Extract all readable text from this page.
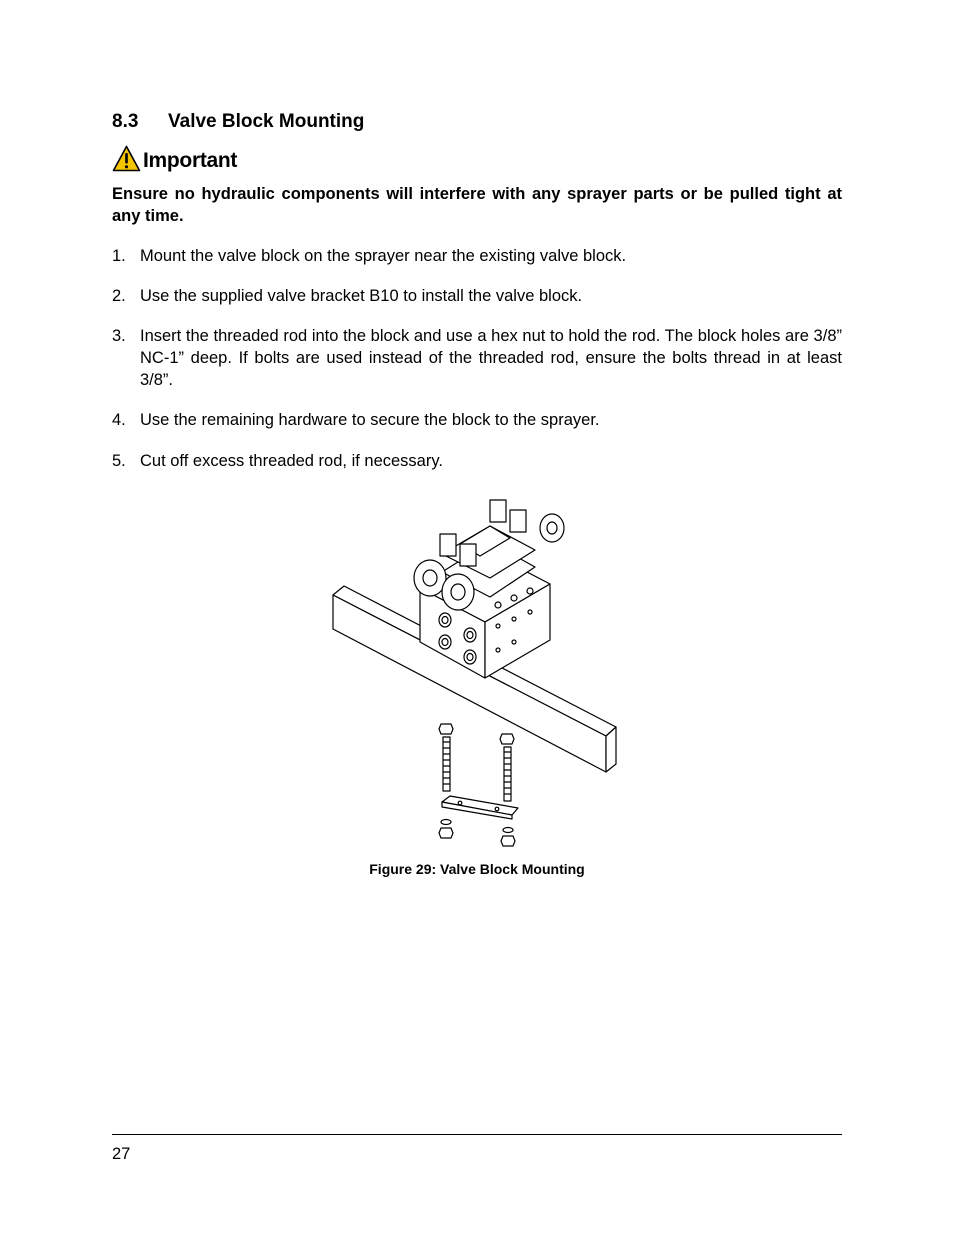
8.3 Valve Block Mounting
Important
Ensure no hydraulic components will interfere with any sprayer parts or be pulled tight at any time.
1. Mount the valve block on the sprayer near the existing valve block.
2. Use the supplied valve bracket B10 to install the valve block.
3. Insert the threaded rod into the block and use a hex nut to hold the rod. The block holes are 3/8” NC-1” deep. If bolts are used instead of the threaded rod, ensure the bolts thread in at least 3/8”.
4. Use the remaining hardware to secure the block to the sprayer.
5. Cut off excess threaded rod, if necessary.
Figure 29: Valve Block Mounting
27
